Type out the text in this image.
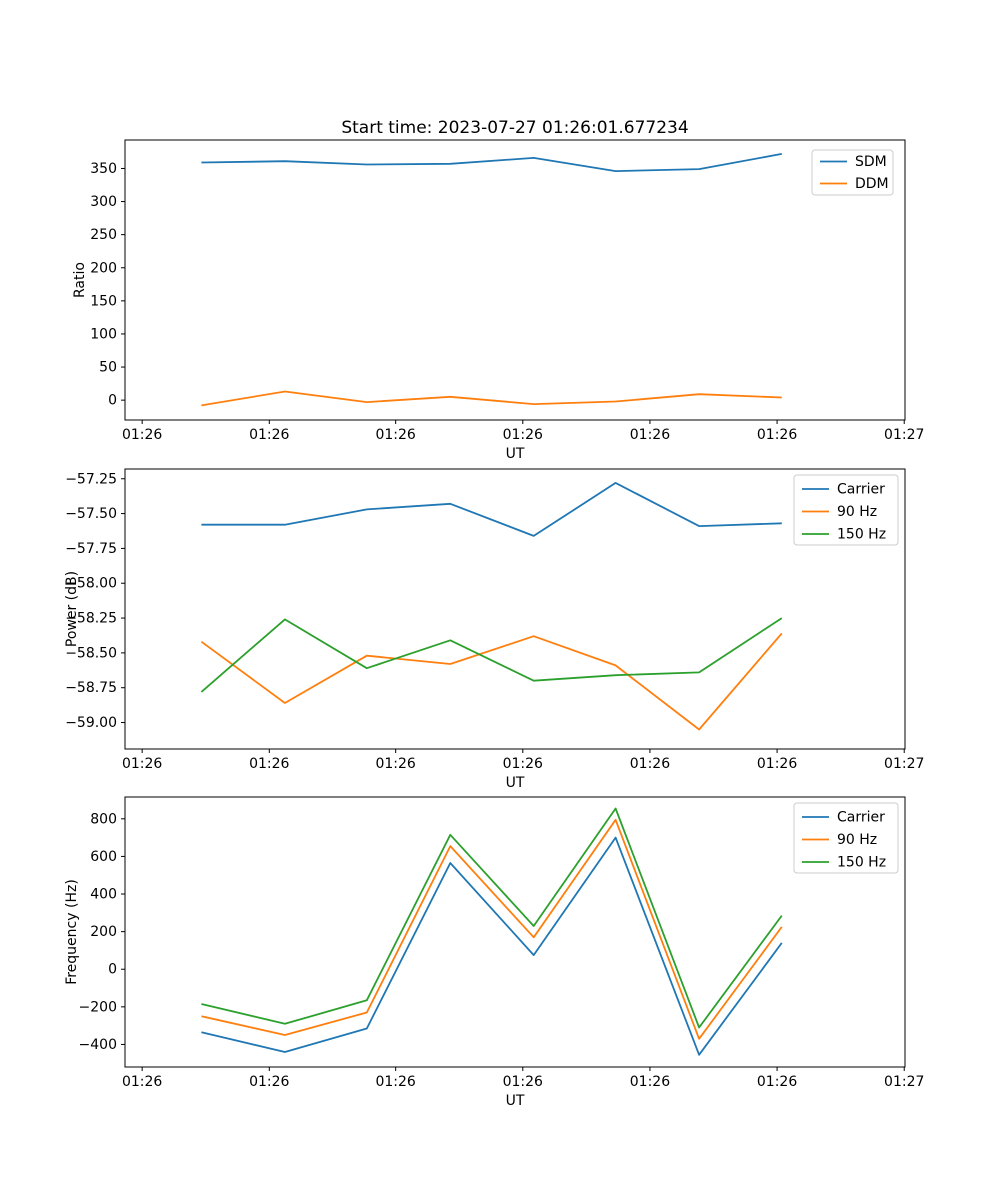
Start time: 2023-07-27 01:26:01.677234
01:26	01:26	01:26	01:26	01:26	01:26	01:27
0
50
100
150
200
250
300
350
UT
Ratio
SDM
DDM
01:26	01:26	01:26	01:26	01:26	01:26	01:27
−59.00
−58.75
−58.50
−58.25
−58.00
−57.75
−57.50
−57.25
UT
Power (dB)
Carrier
90 Hz
150 Hz
01:26	01:26	01:26	01:26	01:26	01:26	01:27
−400
−200
0
200
400
600
800
UT
Frequency (Hz)
Carrier
90 Hz
150 Hz
